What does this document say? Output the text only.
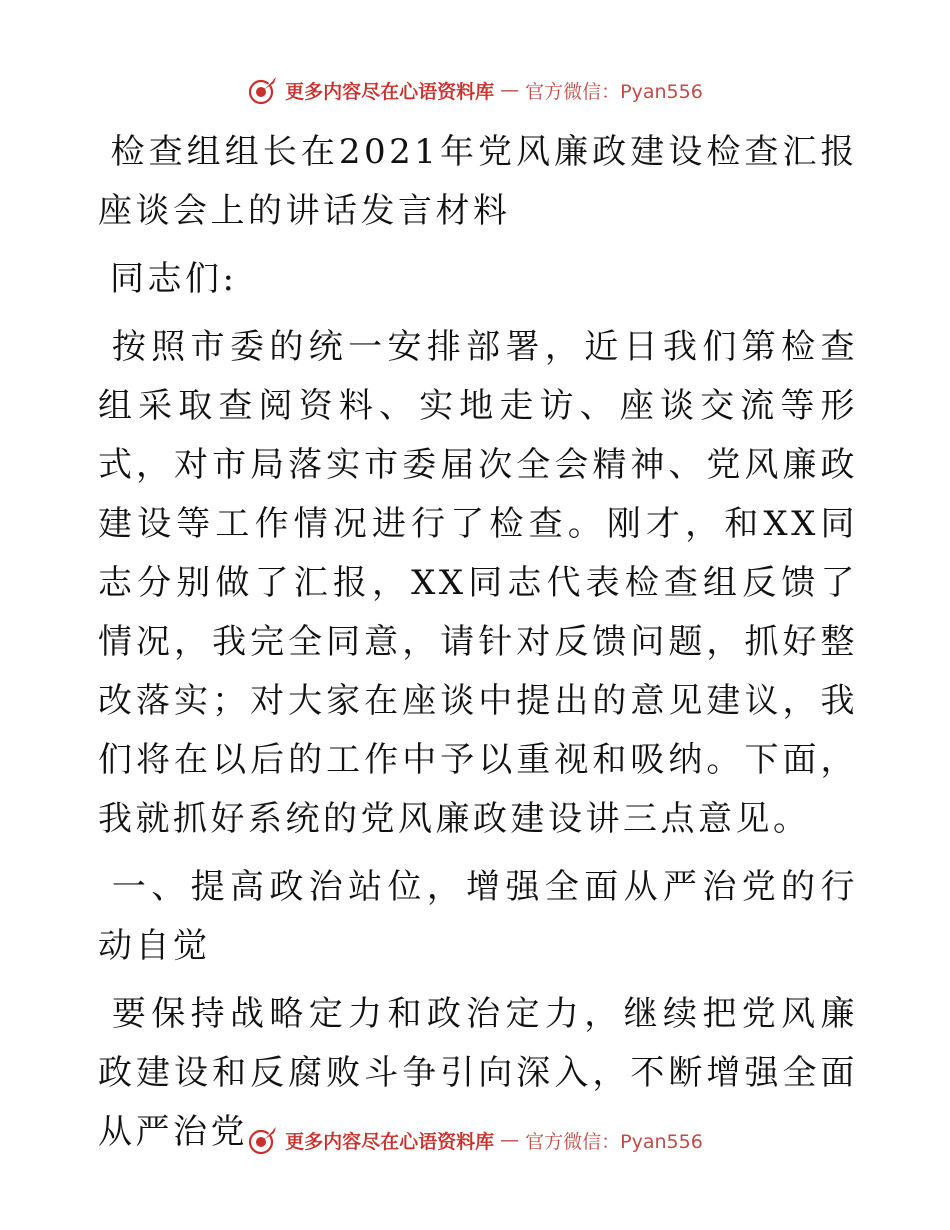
更多内容尽在心语资料库 — 官方微信：Pyan556

检查组组长在2021年党风廉政建设检查汇报座谈会上的讲话发言材料

同志们:

按照市委的统一安排部署，近日我们第检查组采取查阅资料、实地走访、座谈交流等形式，对市局落实市委届次全会精神、党风廉政建设等工作情况进行了检查。刚才，和XX同志分别做了汇报，XX同志代表检查组反馈了情况，我完全同意，请针对反馈问题，抓好整改落实；对大家在座谈中提出的意见建议，我们将在以后的工作中予以重视和吸纳。下面，我就抓好系统的党风廉政建设讲三点意见。

一、提高政治站位，增强全面从严治党的行动自觉

要保持战略定力和政治定力，继续把党风廉政建设和反腐败斗争引向深入，不断增强全面从严治党	更多内容尽在心语资料库 — 官方微信：Pyan556
